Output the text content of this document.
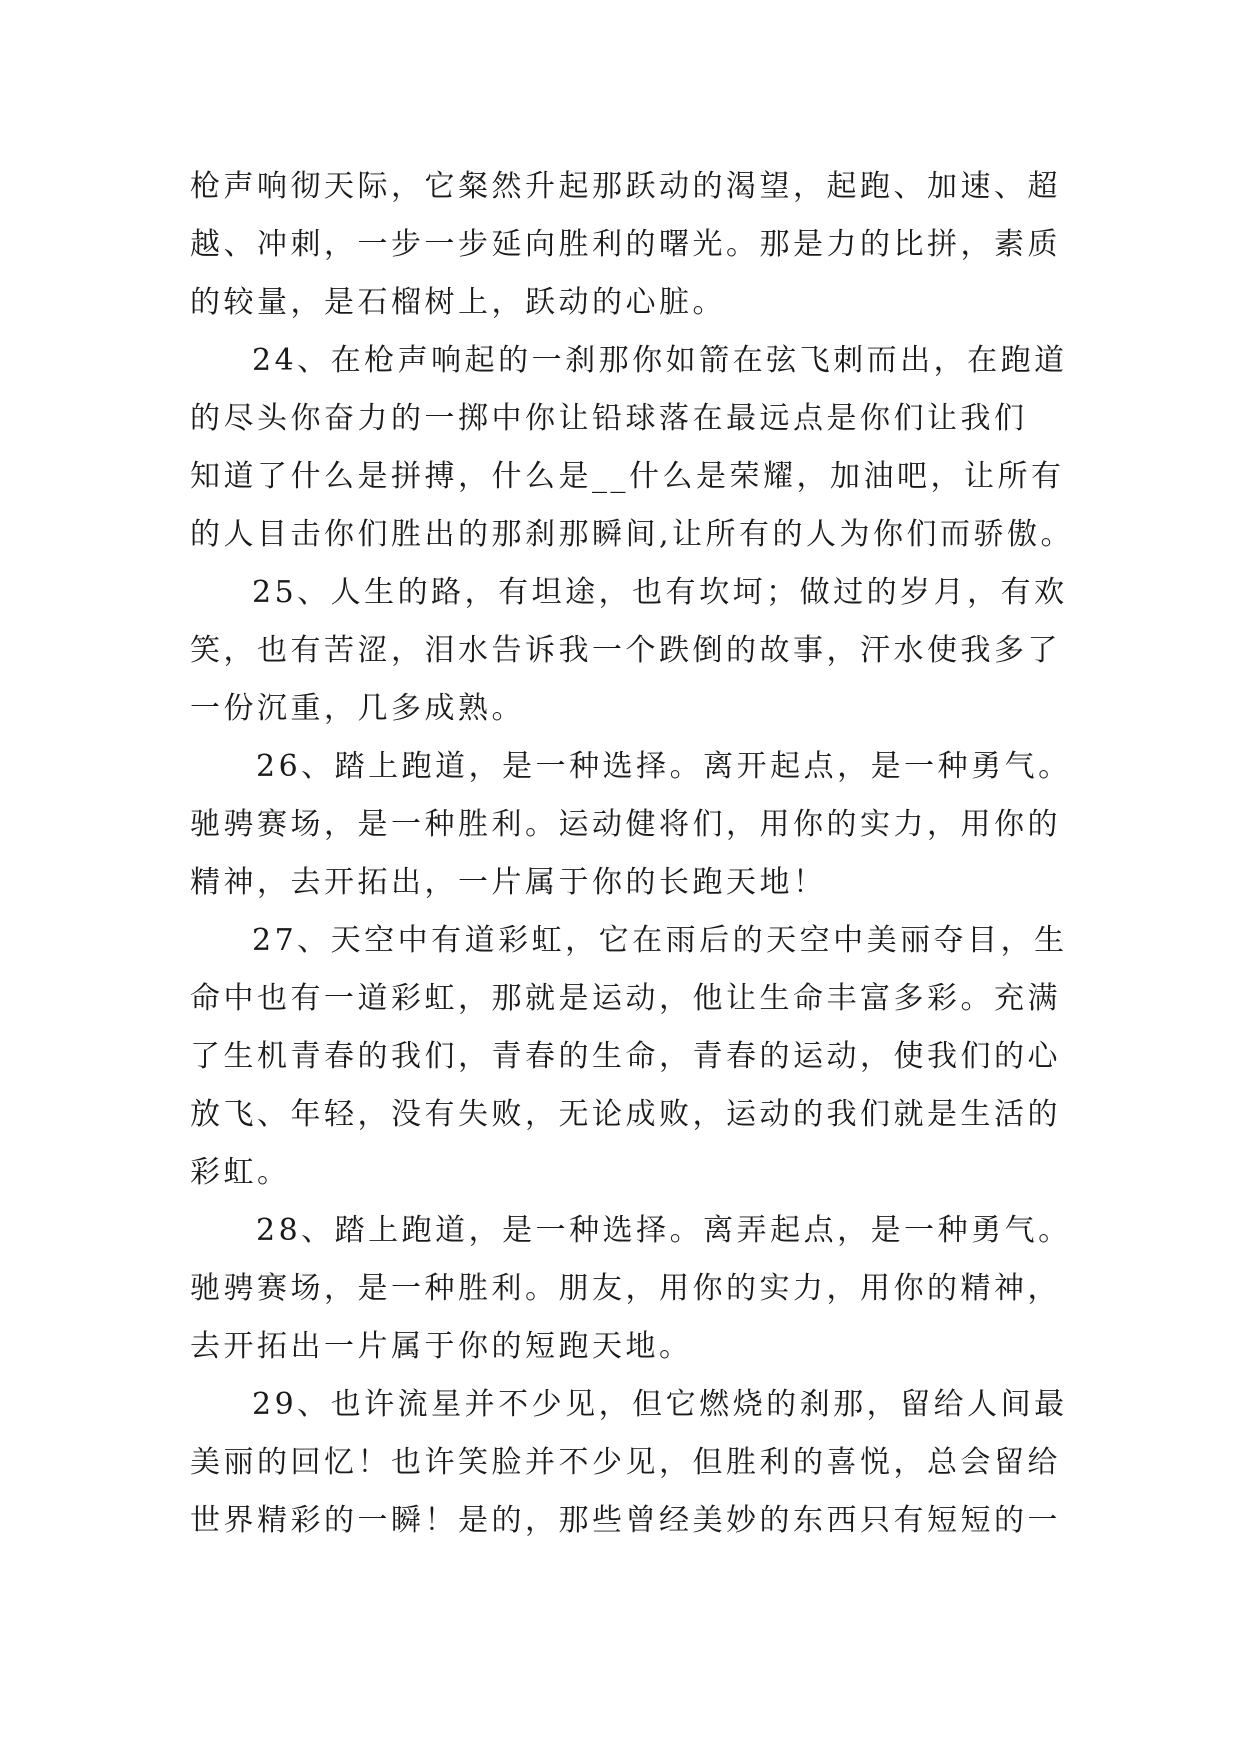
枪声响彻天际，它粲然升起那跃动的渴望，起跑、加速、超
越、冲刺，一步一步延向胜利的曙光。那是力的比拼，素质
的较量，是石榴树上，跃动的心脏。
24、在枪声响起的一刹那你如箭在弦飞刺而出，在跑道
的尽头你奋力的一掷中你让铅球落在最远点是你们让我们
知道了什么是拼搏，什么是__什么是荣耀，加油吧，让所有
的人目击你们胜出的那刹那瞬间,让所有的人为你们而骄傲。
25、人生的路，有坦途，也有坎坷；做过的岁月，有欢
笑，也有苦涩，泪水告诉我一个跌倒的故事，汗水使我多了
一份沉重，几多成熟。
26、踏上跑道，是一种选择。离开起点，是一种勇气。
驰骋赛场，是一种胜利。运动健将们，用你的实力，用你的
精神，去开拓出，一片属于你的长跑天地！
27、天空中有道彩虹，它在雨后的天空中美丽夺目，生
命中也有一道彩虹，那就是运动，他让生命丰富多彩。充满
了生机青春的我们，青春的生命，青春的运动，使我们的心
放飞、年轻，没有失败，无论成败，运动的我们就是生活的
彩虹。
28、踏上跑道，是一种选择。离弄起点，是一种勇气。
驰骋赛场，是一种胜利。朋友，用你的实力，用你的精神，
去开拓出一片属于你的短跑天地。
29、也许流星并不少见，但它燃烧的刹那，留给人间最
美丽的回忆！也许笑脸并不少见，但胜利的喜悦，总会留给
世界精彩的一瞬！是的，那些曾经美妙的东西只有短短的一
